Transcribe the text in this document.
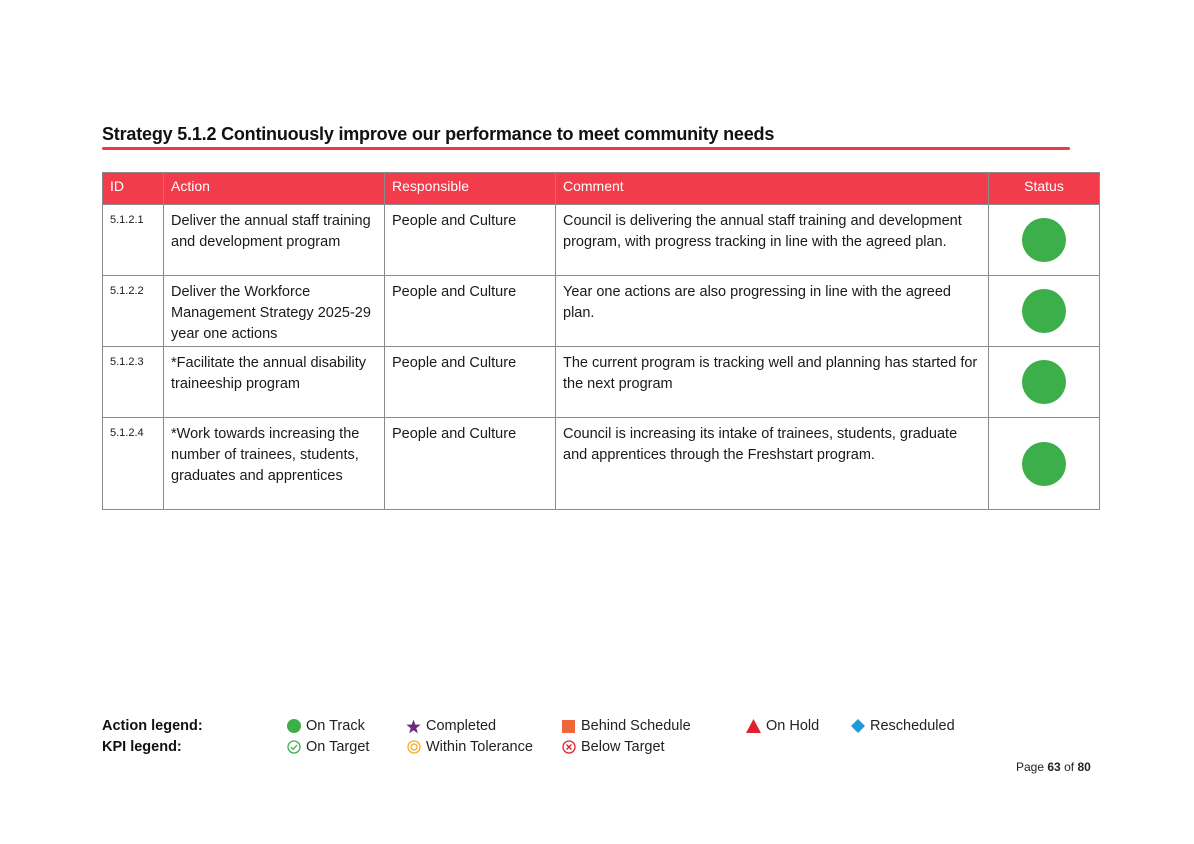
Strategy 5.1.2 Continuously improve our performance to meet community needs
ID	Action	Responsible	Comment	Status
5.1.2.1	Deliver the annual staff training and development program	People and Culture	Council is delivering the annual staff training and development program, with progress tracking in line with the agreed plan.	
5.1.2.2	Deliver the Workforce Management Strategy 2025-29 year one actions	People and Culture	Year one actions are also progressing in line with the agreed plan.	
5.1.2.3	*Facilitate the annual disability traineeship program	People and Culture	The current program is tracking well and planning has started for the next program	
5.1.2.4	*Work towards increasing the number of trainees, students, graduates and apprentices	People and Culture	Council is increasing its intake of trainees, students, graduate and apprentices through the Freshstart program.	
Action legend:
KPI legend:
On Track	Completed	Behind Schedule	On Hold	Rescheduled
On Target	Within Tolerance	Below Target
Page 63 of 80
